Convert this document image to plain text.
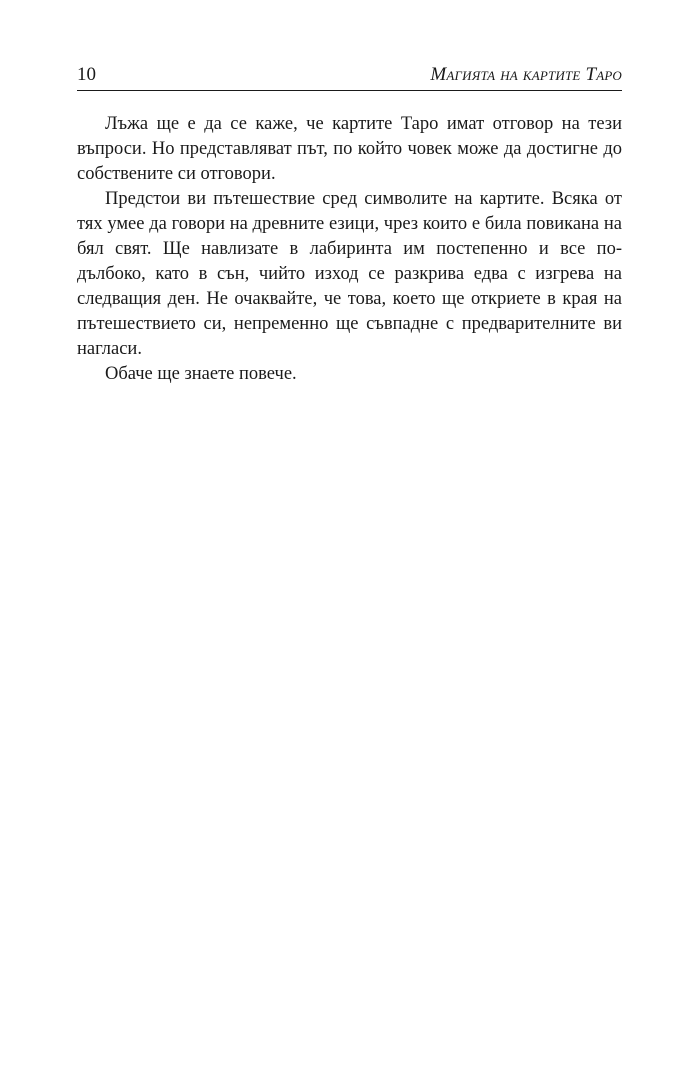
10	Магията на картите Таро

Лъжа ще е да се каже, че картите Таро имат отговор на тези въпроси. Но представляват път, по който човек може да достигне до собствените си отговори.

Предстои ви пътешествие сред символите на картите. Всяка от тях умее да говори на древните езици, чрез които е била повикана на бял свят. Ще навлизате в лабиринта им постепенно и все по-дълбоко, като в сън, чийто изход се разкрива едва с изгрева на следващия ден. Не очаквайте, че това, което ще откриете в края на пътешествието си, непременно ще съвпадне с предварителните ви нагласи.

Обаче ще знаете повече.
